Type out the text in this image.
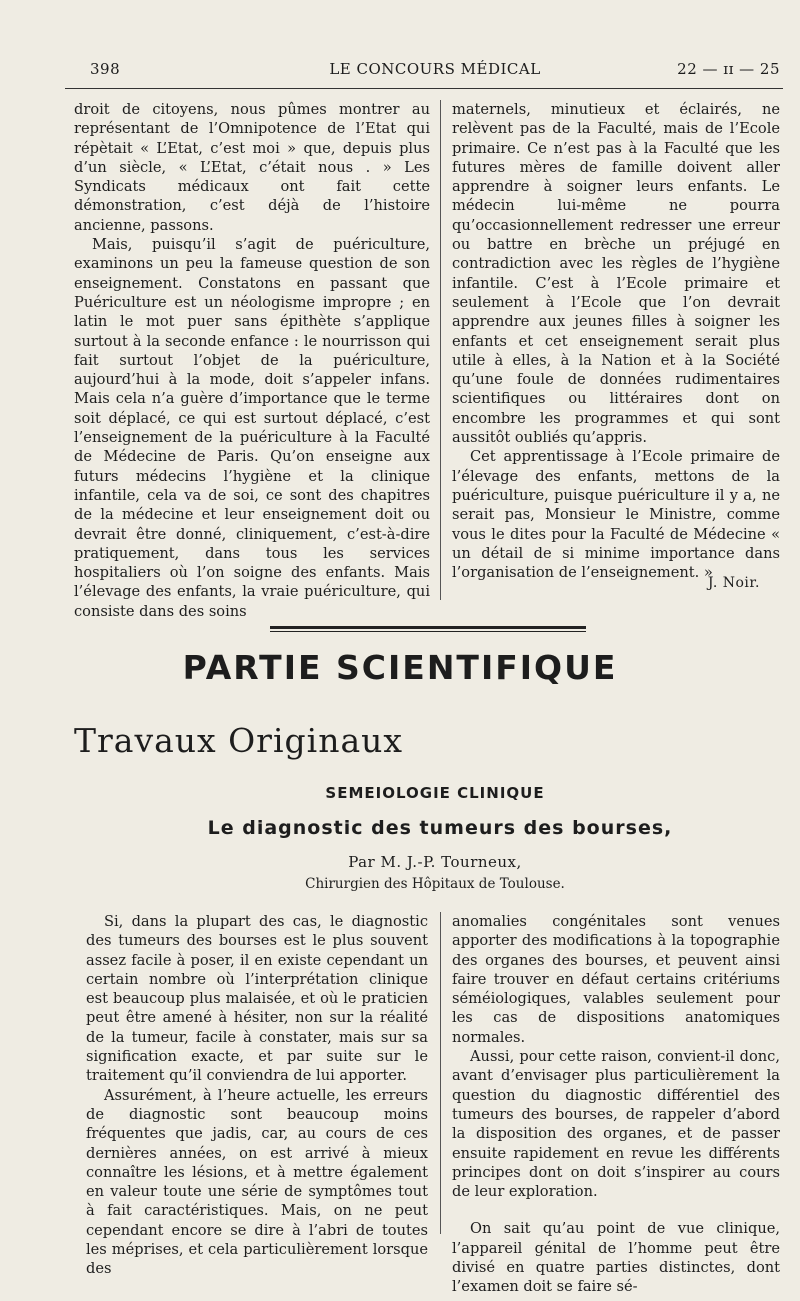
398	LE CONCOURS MÉDICAL	22 — ɪɪ — 25

droit de citoyens, nous pûmes montrer au représentant de l’Omnipotence de l’Etat qui répètait « L’Etat, c’est moi » que, depuis plus d’un siècle, « L’Etat, c’était nous . » Les Syndicats médicaux ont fait cette démonstration, c’est déjà de l’histoire ancienne, passons.

Mais, puisqu’il s’agit de puériculture, examinons un peu la fameuse question de son enseignement. Constatons en passant que Puériculture est un néologisme impropre ; en latin le mot puer sans épithète s’applique surtout à la seconde enfance : le nourrisson qui fait surtout l’objet de la puériculture, aujourd’hui à la mode, doit s’appeler infans. Mais cela n’a guère d’importance que le terme soit déplacé, ce qui est surtout déplacé, c’est l’enseignement de la puériculture à la Faculté de Médecine de Paris. Qu’on enseigne aux futurs médecins l’hygiène et la clinique infantile, cela va de soi, ce sont des chapitres de la médecine et leur enseignement doit ou devrait être donné, cliniquement, c’est-à-dire pratiquement, dans tous les services hospitaliers où l’on soigne des enfants. Mais l’élevage des enfants, la vraie puériculture, qui consiste dans des soins

maternels, minutieux et éclairés, ne relèvent pas de la Faculté, mais de l’Ecole primaire. Ce n’est pas à la Faculté que les futures mères de famille doivent aller apprendre à soigner leurs enfants. Le médecin lui-même ne pourra qu’occasionnellement redresser une erreur ou battre en brèche un préjugé en contradiction avec les règles de l’hygiène infantile. C’est à l’Ecole primaire et seulement à l’Ecole que l’on devrait apprendre aux jeunes filles à soigner les enfants et cet enseignement serait plus utile à elles, à la Nation et à la Société qu’une foule de données rudimentaires scientifiques ou littéraires dont on encombre les programmes et qui sont aussitôt oubliés qu’appris.

Cet apprentissage à l’Ecole primaire de l’élevage des enfants, mettons de la puériculture, puisque puériculture il y a, ne serait pas, Monsieur le Ministre, comme vous le dites pour la Faculté de Médecine « un détail de si minime importance dans l’organisation de l’enseignement. »

J. Noir.
PARTIE SCIENTIFIQUE
Travaux Originaux
SEMEIOLOGIE CLINIQUE
Le diagnostic des tumeurs des bourses,
Par M. J.-P. Tourneux,
Chirurgien des Hôpitaux de Toulouse.

Si, dans la plupart des cas, le diagnostic des tumeurs des bourses est le plus souvent assez facile à poser, il en existe cependant un certain nombre où l’interprétation clinique est beaucoup plus malaisée, et où le praticien peut être amené à hésiter, non sur la réalité de la tumeur, facile à constater, mais sur sa signification exacte, et par suite sur le traitement qu’il conviendra de lui apporter.

Assurément, à l’heure actuelle, les erreurs de diagnostic sont beaucoup moins fréquentes que jadis, car, au cours de ces dernières années, on est arrivé à mieux connaître les lésions, et à mettre également en valeur toute une série de symptômes tout à fait caractéristiques. Mais, on ne peut cependant encore se dire à l’abri de toutes les méprises, et cela particulièrement lorsque des

anomalies congénitales sont venues apporter des modifications à la topographie des organes des bourses, et peuvent ainsi faire trouver en défaut certains critériums séméiologiques, valables seulement pour les cas de dispositions anatomiques normales.

Aussi, pour cette raison, convient-il donc, avant d’envisager plus particulièrement la question du diagnostic différentiel des tumeurs des bourses, de rappeler d’abord la disposition des organes, et de passer ensuite rapidement en revue les différents principes dont on doit s’inspirer au cours de leur exploration.

On sait qu’au point de vue clinique, l’appareil génital de l’homme peut être divisé en quatre parties distinctes, dont l’examen doit se faire sé-
